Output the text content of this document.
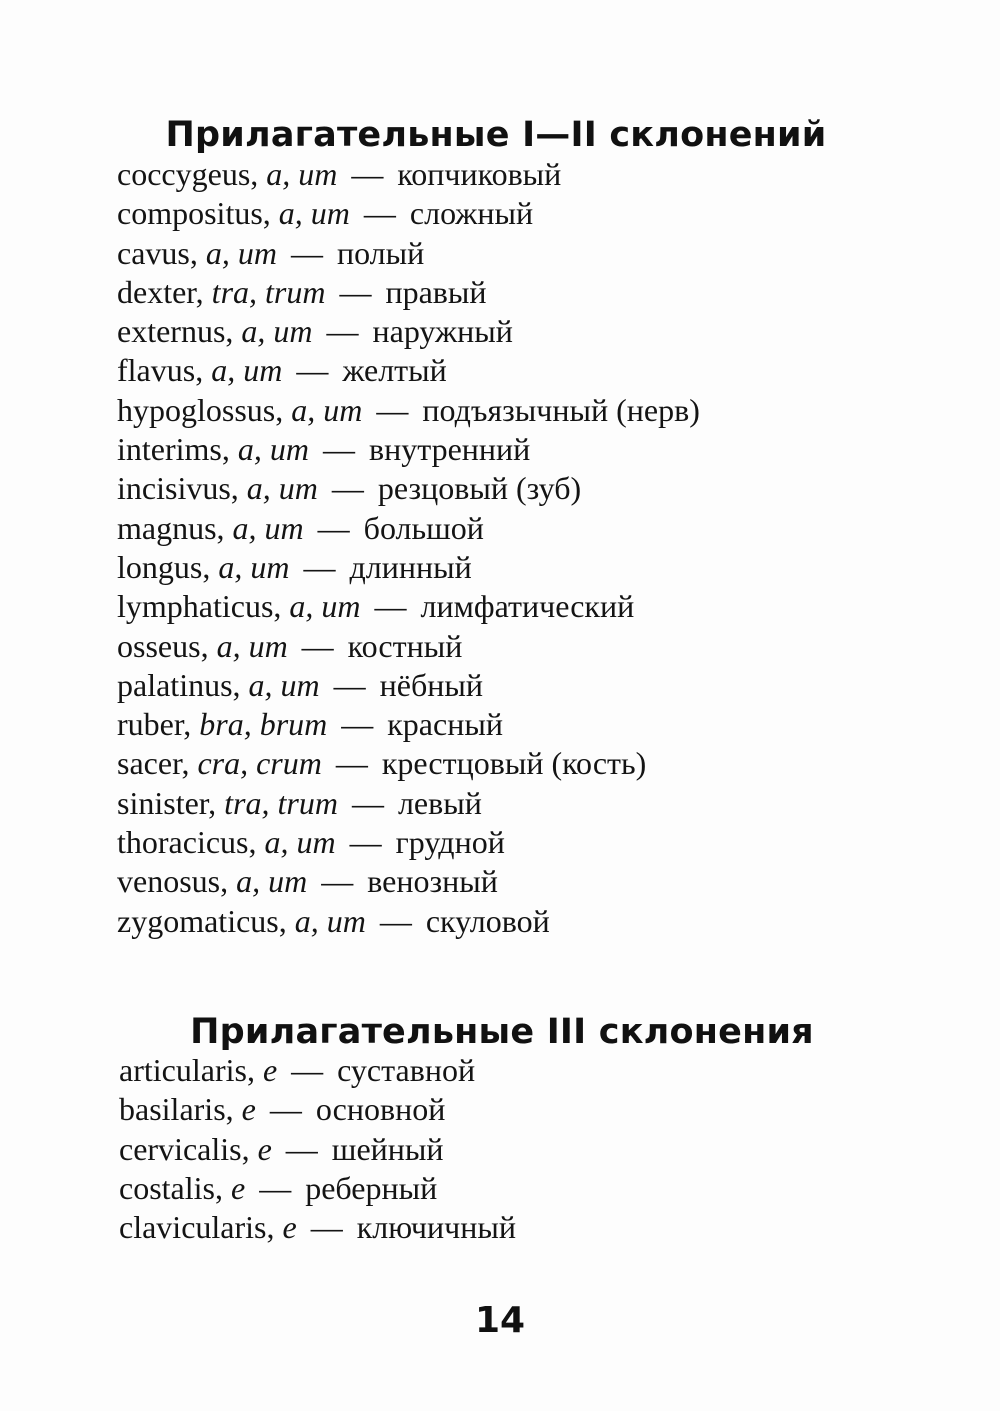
Прилагательные I—II склонений
coccygeus, a, um — копчиковый
compositus, a, um — сложный
cavus, a, um — полый
dexter, tra, trum — правый
externus, a, um — наружный
flavus, a, um — желтый
hypoglossus, a, um — подъязычный (нерв)
interims, a, um — внутренний
incisivus, a, um — резцовый (зуб)
magnus, a, um — большой
longus, a, um — длинный
lymphaticus, a, um — лимфатический
osseus, a, um — костный
palatinus, a, um — нёбный
ruber, bra, brum — красный
sacer, cra, crum — крестцовый (кость)
sinister, tra, trum — левый
thoracicus, a, um — грудной
venosus, a, um — венозный
zygomaticus, a, um — скуловой
Прилагательные III склонения
articularis, e — суставной
basilaris, e — основной
cervicalis, e — шейный
costalis, e — реберный
clavicularis, e — ключичный
14
